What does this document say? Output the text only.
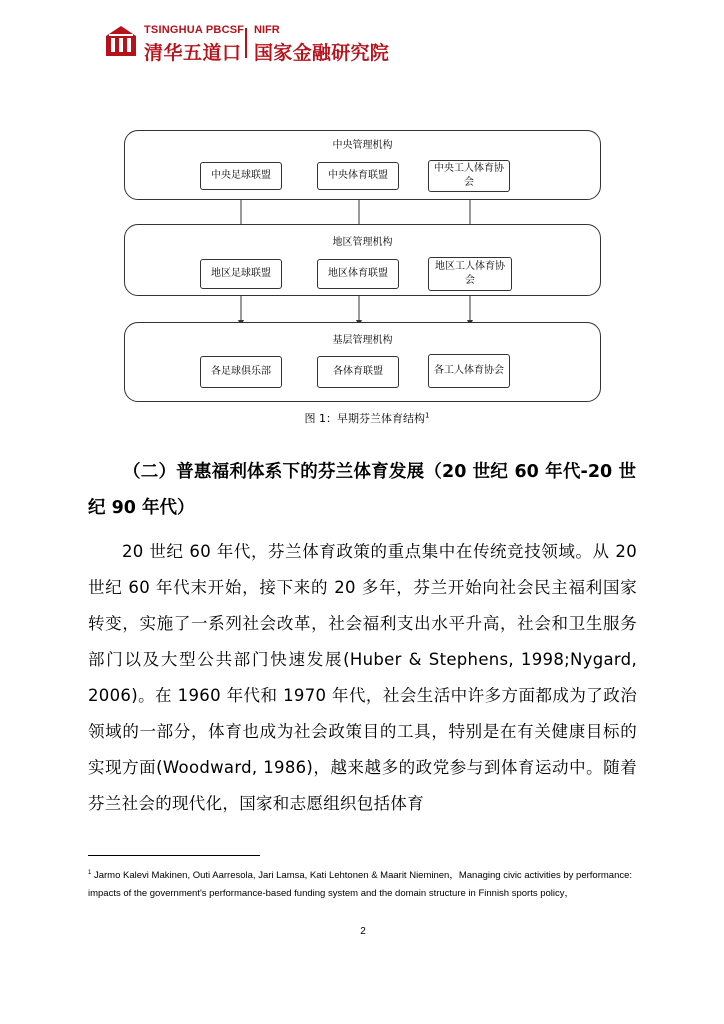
TSINGHUA PBCSF
清华五道口
NIFR
国家金融研究院
中央管理机构
中央足球联盟	中央体育联盟
中央工人体育协会
地区管理机构
地区足球联盟	地区体育联盟
地区工人体育协会
基层管理机构
各足球俱乐部	各体育联盟	各工人体育协会
图 1：早期芬兰体育结构$^1$
（二）普惠福利体系下的芬兰体育发展（20 世纪 60 年代-20 世纪 90 年代）
20 世纪 60 年代，芬兰体育政策的重点集中在传统竞技领域。从 20 世纪 60 年代末开始，接下来的 20 多年，芬兰开始向社会民主福利国家转变，实施了一系列社会改革，社会福利支出水平升高，社会和卫生服务部门以及大型公共部门快速发展(Huber & Stephens, 1998;Nygard, 2006)。在 1960 年代和 1970 年代，社会生活中许多方面都成为了政治领域的一部分，体育也成为社会政策目的工具，特别是在有关健康目标的实现方面(Woodward, 1986)，越来越多的政党参与到体育运动中。随着芬兰社会的现代化，国家和志愿组织包括体育
$^1$ Jarmo Kalevi Makinen, Outi Aarresola, Jari Lamsa, Kati Lehtonen & Maarit Nieminen，Managing civic activities by performance: impacts of the government's performance-based funding system and the domain structure in Finnish sports policy，
2
